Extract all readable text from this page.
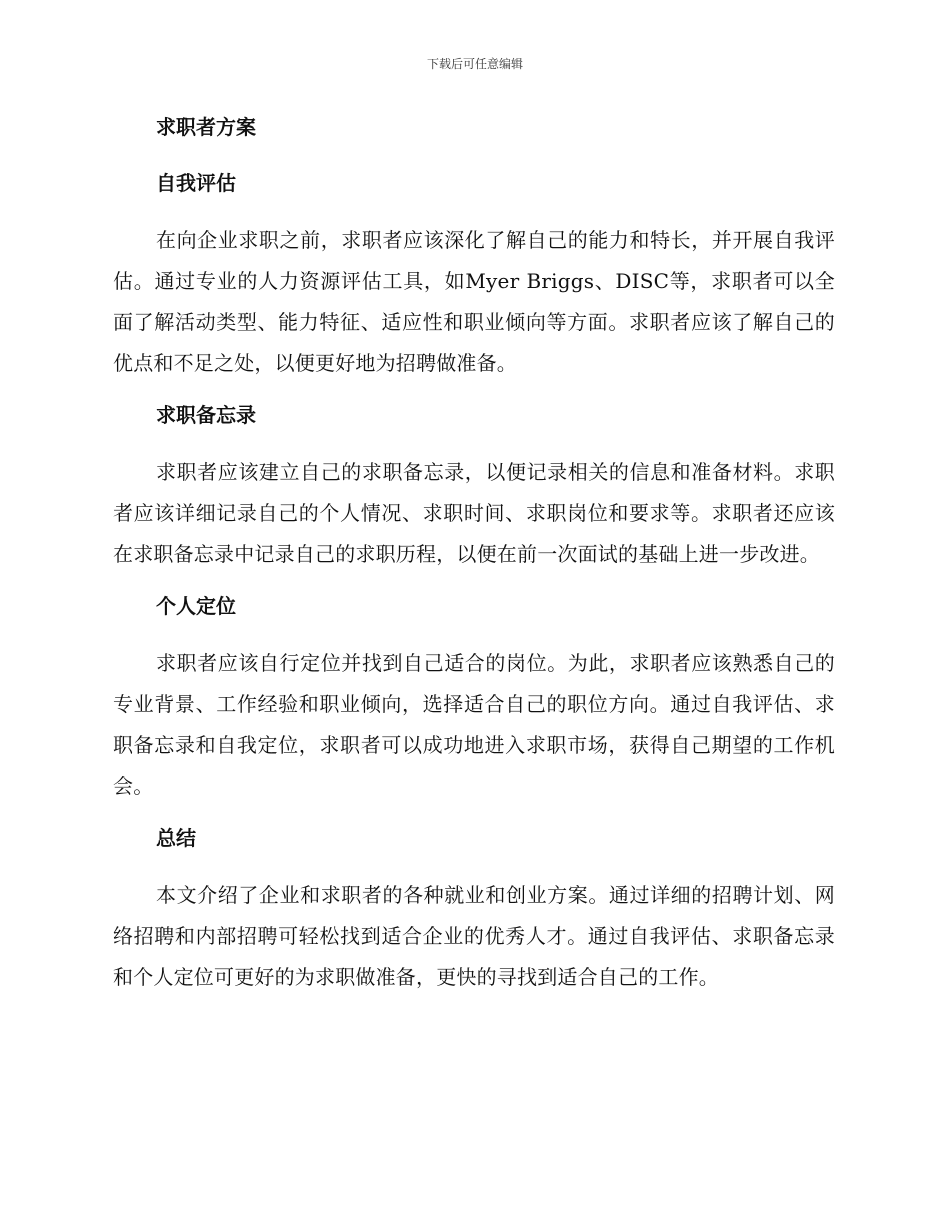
下载后可任意编辑
求职者方案
自我评估

在向企业求职之前，求职者应该深化了解自己的能力和特长，并开展自我评估。通过专业的人力资源评估工具，如Myer Briggs、DISC等，求职者可以全面了解活动类型、能力特征、适应性和职业倾向等方面。求职者应该了解自己的优点和不足之处，以便更好地为招聘做准备。

求职备忘录

求职者应该建立自己的求职备忘录，以便记录相关的信息和准备材料。求职者应该详细记录自己的个人情况、求职时间、求职岗位和要求等。求职者还应该在求职备忘录中记录自己的求职历程，以便在前一次面试的基础上进一步改进。

个人定位

求职者应该自行定位并找到自己适合的岗位。为此，求职者应该熟悉自己的专业背景、工作经验和职业倾向，选择适合自己的职位方向。通过自我评估、求职备忘录和自我定位，求职者可以成功地进入求职市场，获得自己期望的工作机会。

总结

本文介绍了企业和求职者的各种就业和创业方案。通过详细的招聘计划、网络招聘和内部招聘可轻松找到适合企业的优秀人才。通过自我评估、求职备忘录和个人定位可更好的为求职做准备，更快的寻找到适合自己的工作。
